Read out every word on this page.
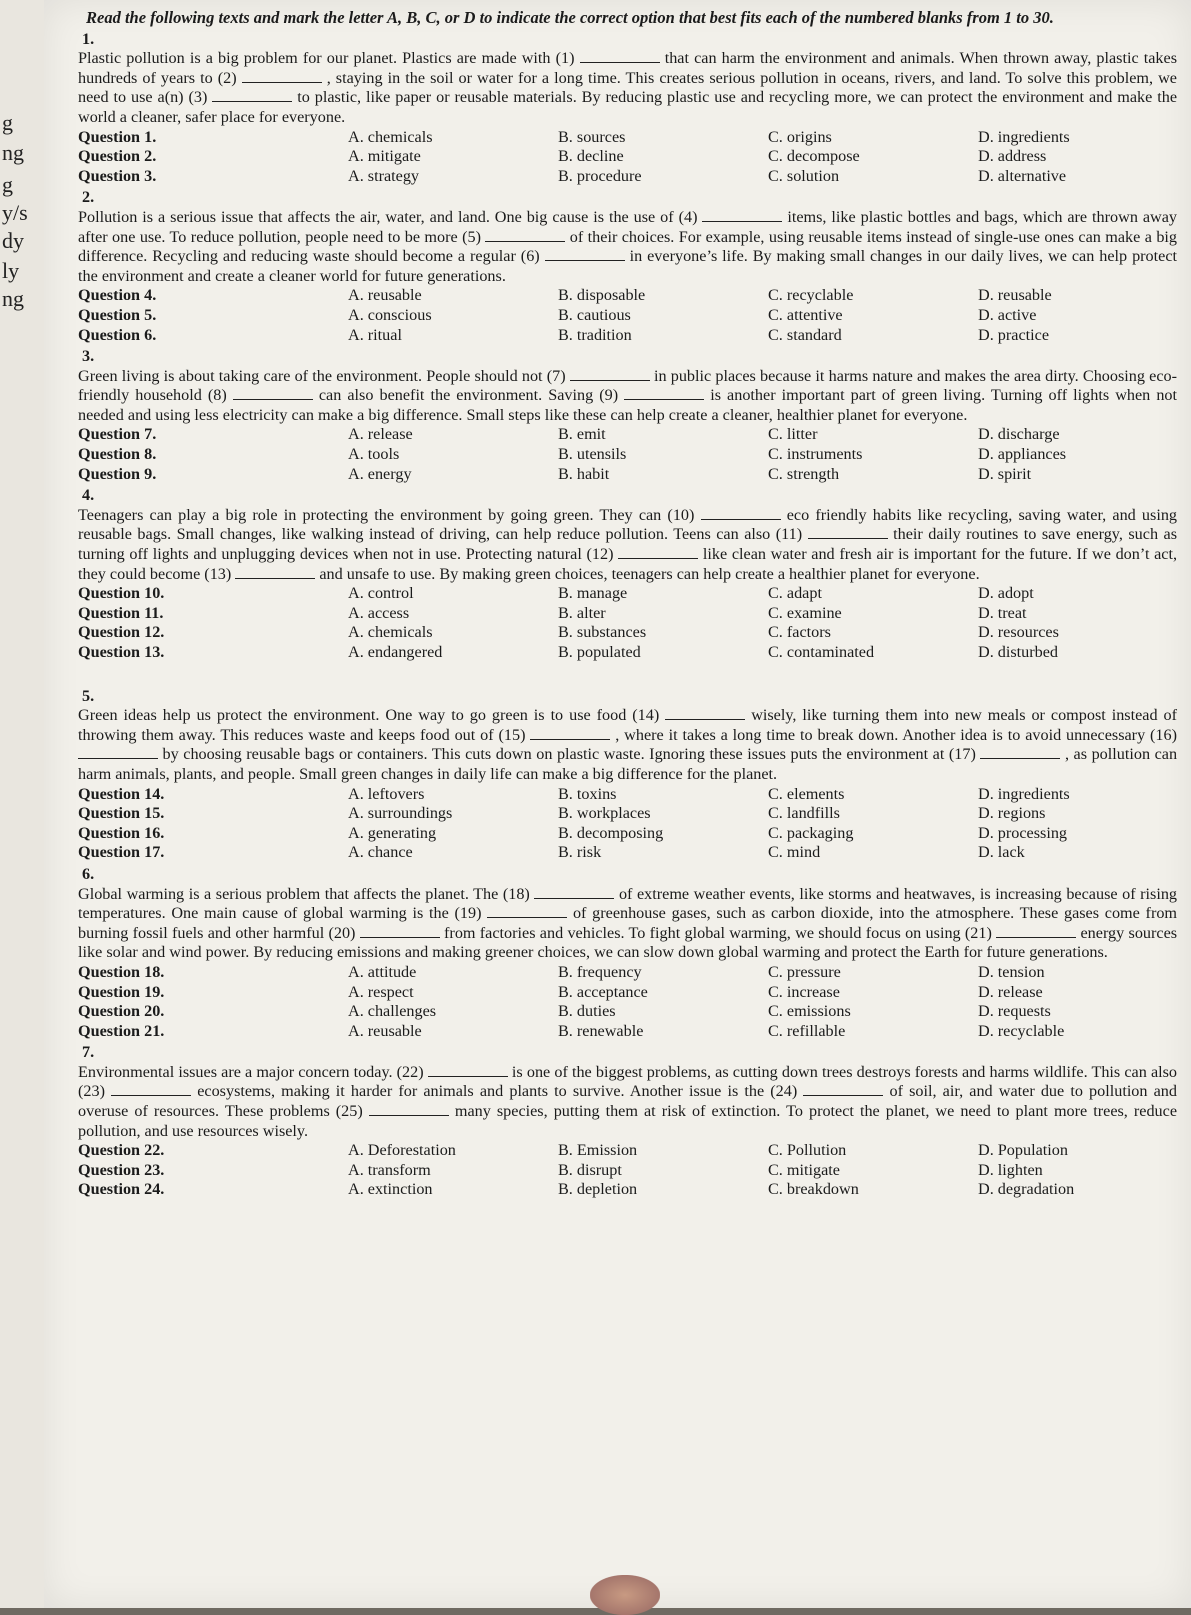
g
ng
g
y/s
dy
ly
ng
Read the following texts and mark the letter A, B, C, or D to indicate the correct option that best fits each of the numbered blanks from 1 to 30.
1.
Plastic pollution is a big problem for our planet. Plastics are made with (1)	that can harm the environment and animals. When thrown away, plastic takes hundreds of years to (2)	, staying in the soil or water for a long time. This creates serious pollution in oceans, rivers, and land. To solve this problem, we need to use a(n) (3)	to plastic, like paper or reusable materials. By reducing plastic use and recycling more, we can protect the environment and make the world a cleaner, safer place for everyone.
Question 1.	A. chemicals	B. sources	C. origins	D. ingredients
Question 2.	A. mitigate	B. decline	C. decompose	D. address
Question 3.	A. strategy	B. procedure	C. solution	D. alternative
2.
Pollution is a serious issue that affects the air, water, and land. One big cause is the use of (4)	items, like plastic bottles and bags, which are thrown away after one use. To reduce pollution, people need to be more (5)	of their choices. For example, using reusable items instead of single-use ones can make a big difference. Recycling and reducing waste should become a regular (6)	in everyone’s life. By making small changes in our daily lives, we can help protect the environment and create a cleaner world for future generations.
Question 4.	A. reusable	B. disposable	C. recyclable	D. reusable
Question 5.	A. conscious	B. cautious	C. attentive	D. active
Question 6.	A. ritual	B. tradition	C. standard	D. practice
3.
Green living is about taking care of the environment. People should not (7)	in public places because it harms nature and makes the area dirty. Choosing eco-friendly household (8)	can also benefit the environment. Saving (9)	is another important part of green living. Turning off lights when not needed and using less electricity can make a big difference. Small steps like these can help create a cleaner, healthier planet for everyone.
Question 7.	A. release	B. emit	C. litter	D. discharge
Question 8.	A. tools	B. utensils	C. instruments	D. appliances
Question 9.	A. energy	B. habit	C. strength	D. spirit
4.
Teenagers can play a big role in protecting the environment by going green. They can (10)	eco friendly habits like recycling, saving water, and using reusable bags. Small changes, like walking instead of driving, can help reduce pollution. Teens can also (11)	their daily routines to save energy, such as turning off lights and unplugging devices when not in use. Protecting natural (12)	like clean water and fresh air is important for the future. If we don’t act, they could become (13)	and unsafe to use. By making green choices, teenagers can help create a healthier planet for everyone.
Question 10.	A. control	B. manage	C. adapt	D. adopt
Question 11.	A. access	B. alter	C. examine	D. treat
Question 12.	A. chemicals	B. substances	C. factors	D. resources
Question 13.	A. endangered	B. populated	C. contaminated	D. disturbed
5.
Green ideas help us protect the environment. One way to go green is to use food (14)	wisely, like turning them into new meals or compost instead of throwing them away. This reduces waste and keeps food out of (15)	, where it takes a long time to break down. Another idea is to avoid unnecessary (16)  by choosing reusable bags or containers. This cuts down on plastic waste. Ignoring these issues puts the environment at (17)	, as pollution can harm animals, plants, and people. Small green changes in daily life can make a big difference for the planet.
Question 14.	A. leftovers	B. toxins	C. elements	D. ingredients
Question 15.	A. surroundings	B. workplaces	C. landfills	D. regions
Question 16.	A. generating	B. decomposing	C. packaging	D. processing
Question 17.	A. chance	B. risk	C. mind	D. lack
6.
Global warming is a serious problem that affects the planet. The (18)	of extreme weather events, like storms and heatwaves, is increasing because of rising temperatures. One main cause of global warming is the (19)	of greenhouse gases, such as carbon dioxide, into the atmosphere. These gases come from burning fossil fuels and other harmful (20)	from factories and vehicles. To fight global warming, we should focus on using (21)	energy sources like solar and wind power. By reducing emissions and making greener choices, we can slow down global warming and protect the Earth for future generations.
Question 18.	A. attitude	B. frequency	C. pressure	D. tension
Question 19.	A. respect	B. acceptance	C. increase	D. release
Question 20.	A. challenges	B. duties	C. emissions	D. requests
Question 21.	A. reusable	B. renewable	C. refillable	D. recyclable
7.
Environmental issues are a major concern today. (22)	is one of the biggest problems, as cutting down trees destroys forests and harms wildlife. This can also (23)	ecosystems, making it harder for animals and plants to survive. Another issue is the (24)	of soil, air, and water due to pollution and overuse of resources. These problems (25)	many species, putting them at risk of extinction. To protect the planet, we need to plant more trees, reduce pollution, and use resources wisely.
Question 22.	A. Deforestation	B. Emission	C. Pollution	D. Population
Question 23.	A. transform	B. disrupt	C. mitigate	D. lighten
Question 24.	A. extinction	B. depletion	C. breakdown	D. degradation
